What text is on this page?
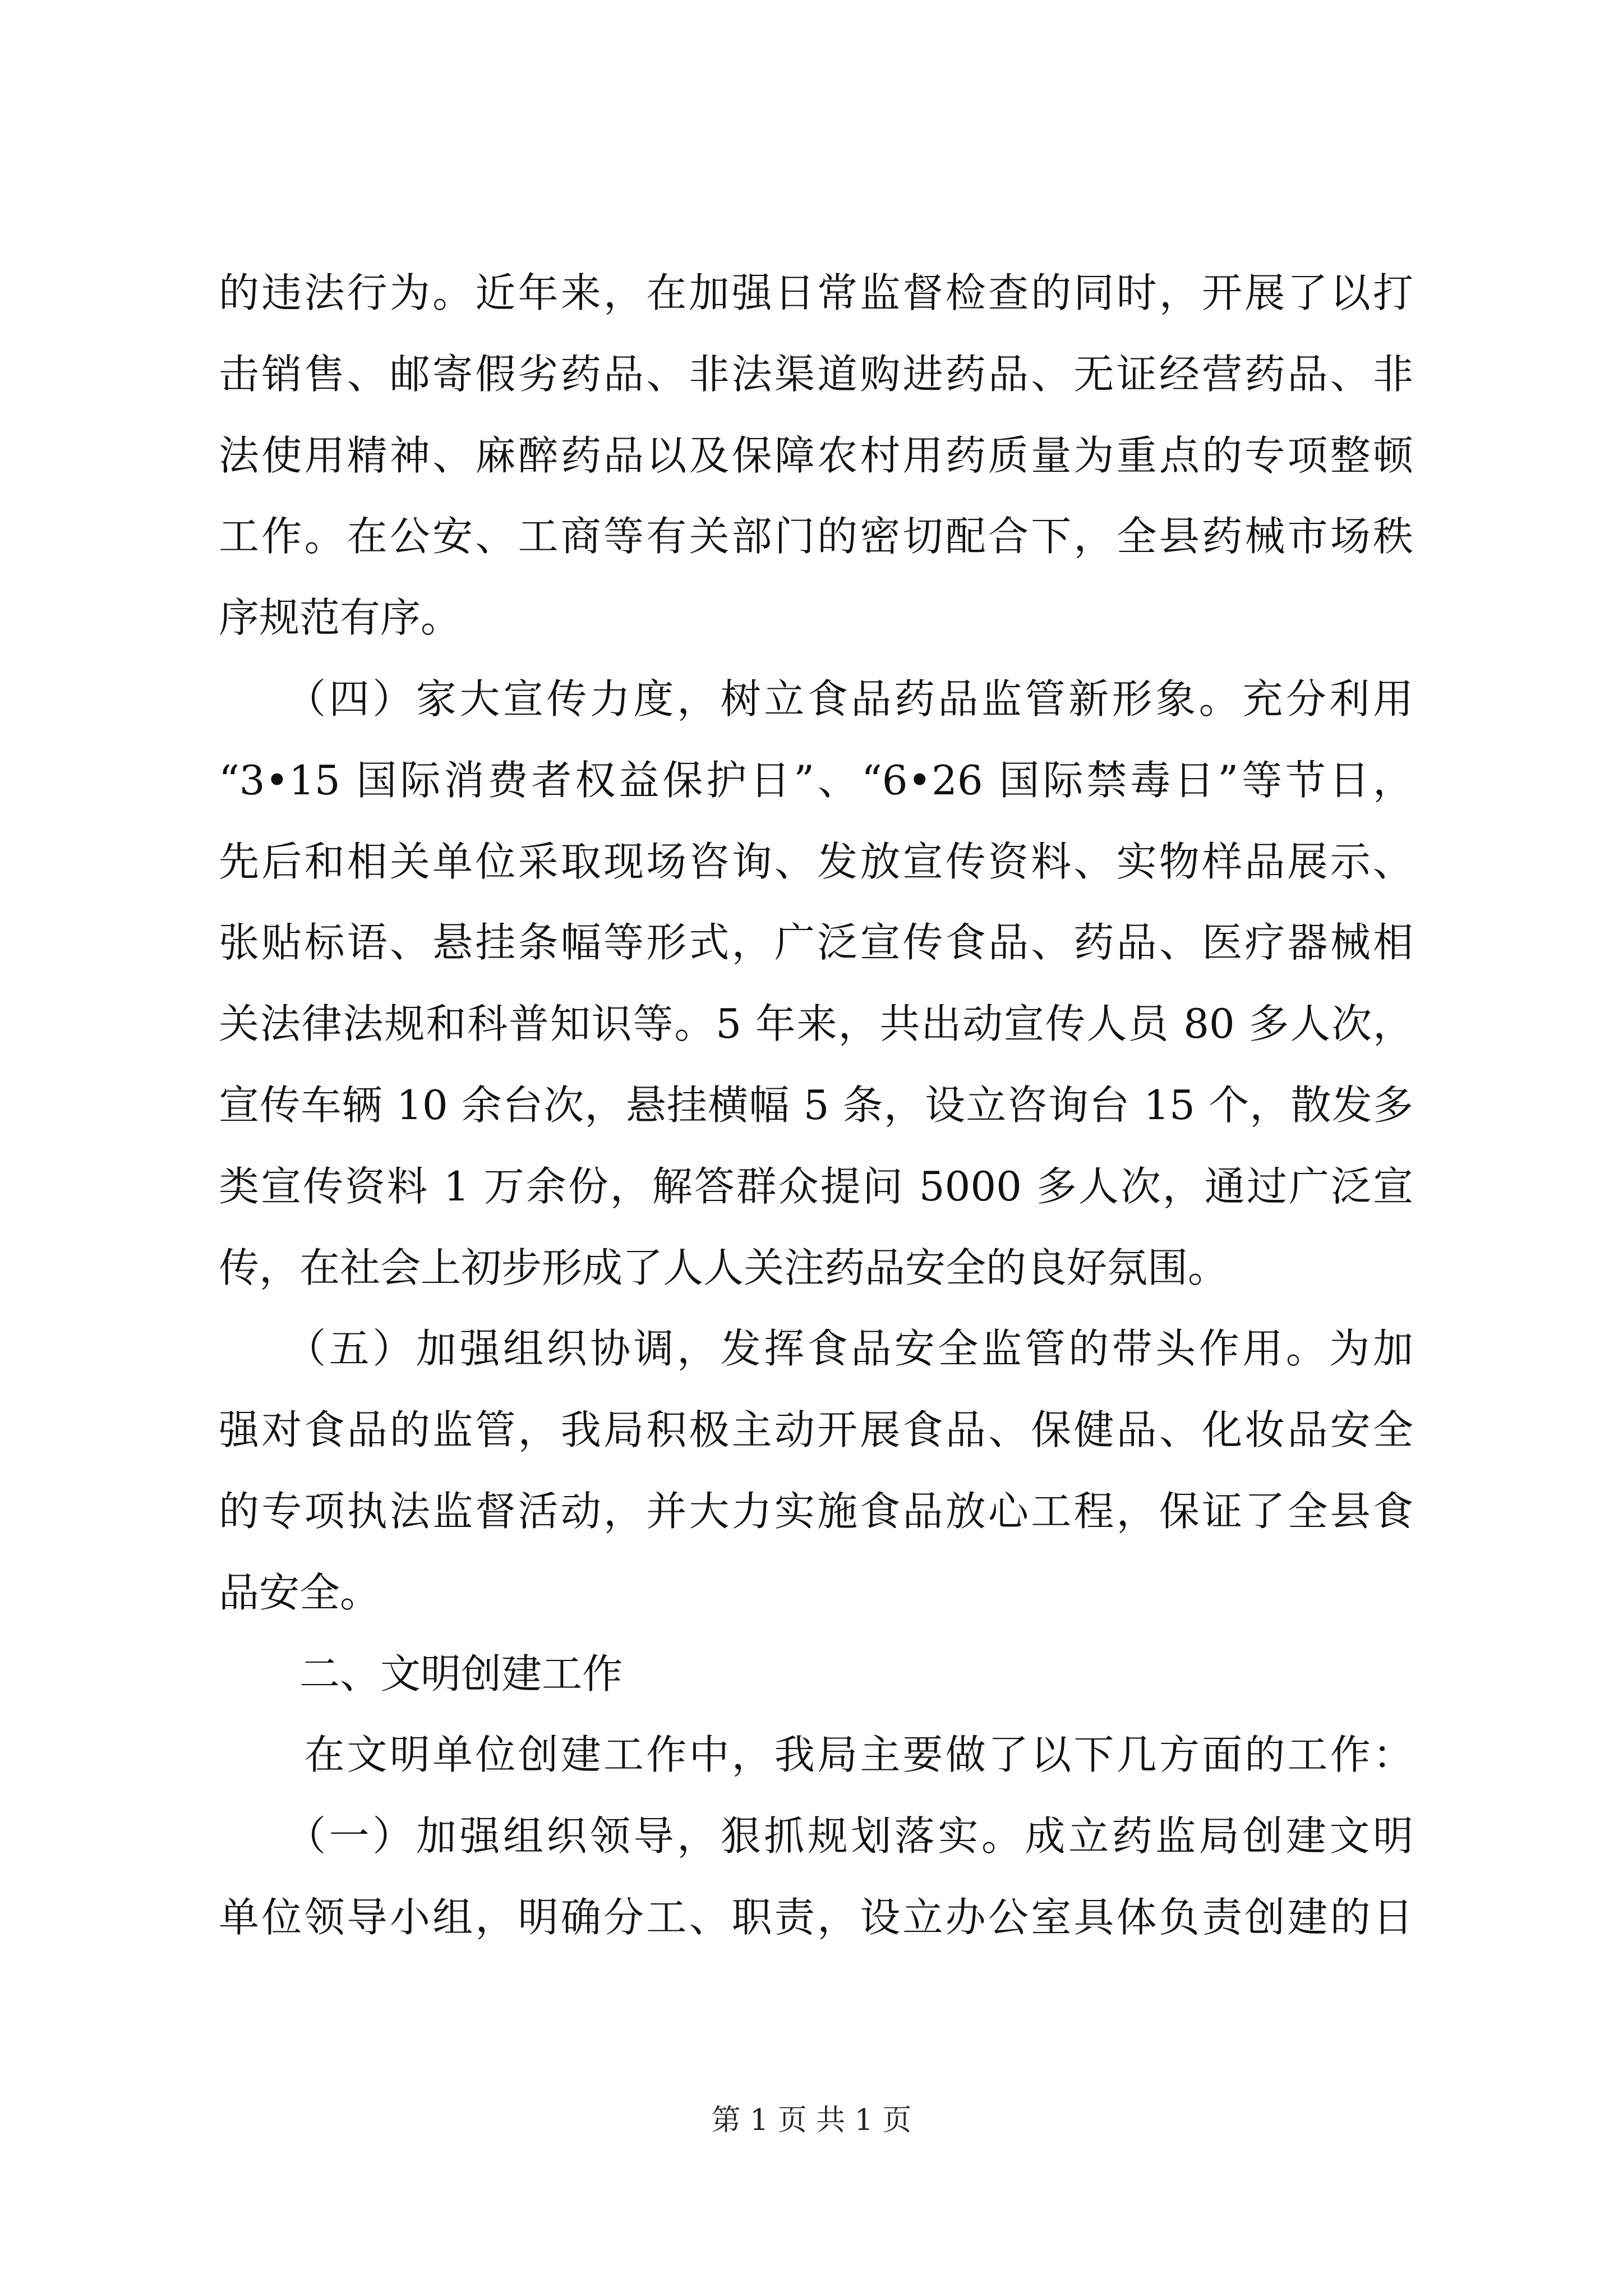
的违法行为。近年来，在加强日常监督检查的同时，开展了以打
击销售、邮寄假劣药品、非法渠道购进药品、无证经营药品、非
法使用精神、麻醉药品以及保障农村用药质量为重点的专项整顿
工作。在公安、工商等有关部门的密切配合下，全县药械市场秩
序规范有序。
　　（四）家大宣传力度，树立食品药品监管新形象。充分利用
“3•15 国际消费者权益保护日”、“6•26 国际禁毒日”等节日，
先后和相关单位采取现场咨询、发放宣传资料、实物样品展示、
张贴标语、悬挂条幅等形式，广泛宣传食品、药品、医疗器械相
关法律法规和科普知识等。5 年来，共出动宣传人员 80 多人次，
宣传车辆 10 余台次，悬挂横幅 5 条，设立咨询台 15 个，散发多
类宣传资料 1 万余份，解答群众提问 5000 多人次，通过广泛宣
传，在社会上初步形成了人人关注药品安全的良好氛围。
　　（五）加强组织协调，发挥食品安全监管的带头作用。为加
强对食品的监管，我局积极主动开展食品、保健品、化妆品安全
的专项执法监督活动，并大力实施食品放心工程，保证了全县食
品安全。
　　二、文明创建工作
　　在文明单位创建工作中，我局主要做了以下几方面的工作：
　　（一）加强组织领导，狠抓规划落实。成立药监局创建文明
单位领导小组，明确分工、职责，设立办公室具体负责创建的日
第 1 页 共 1 页
